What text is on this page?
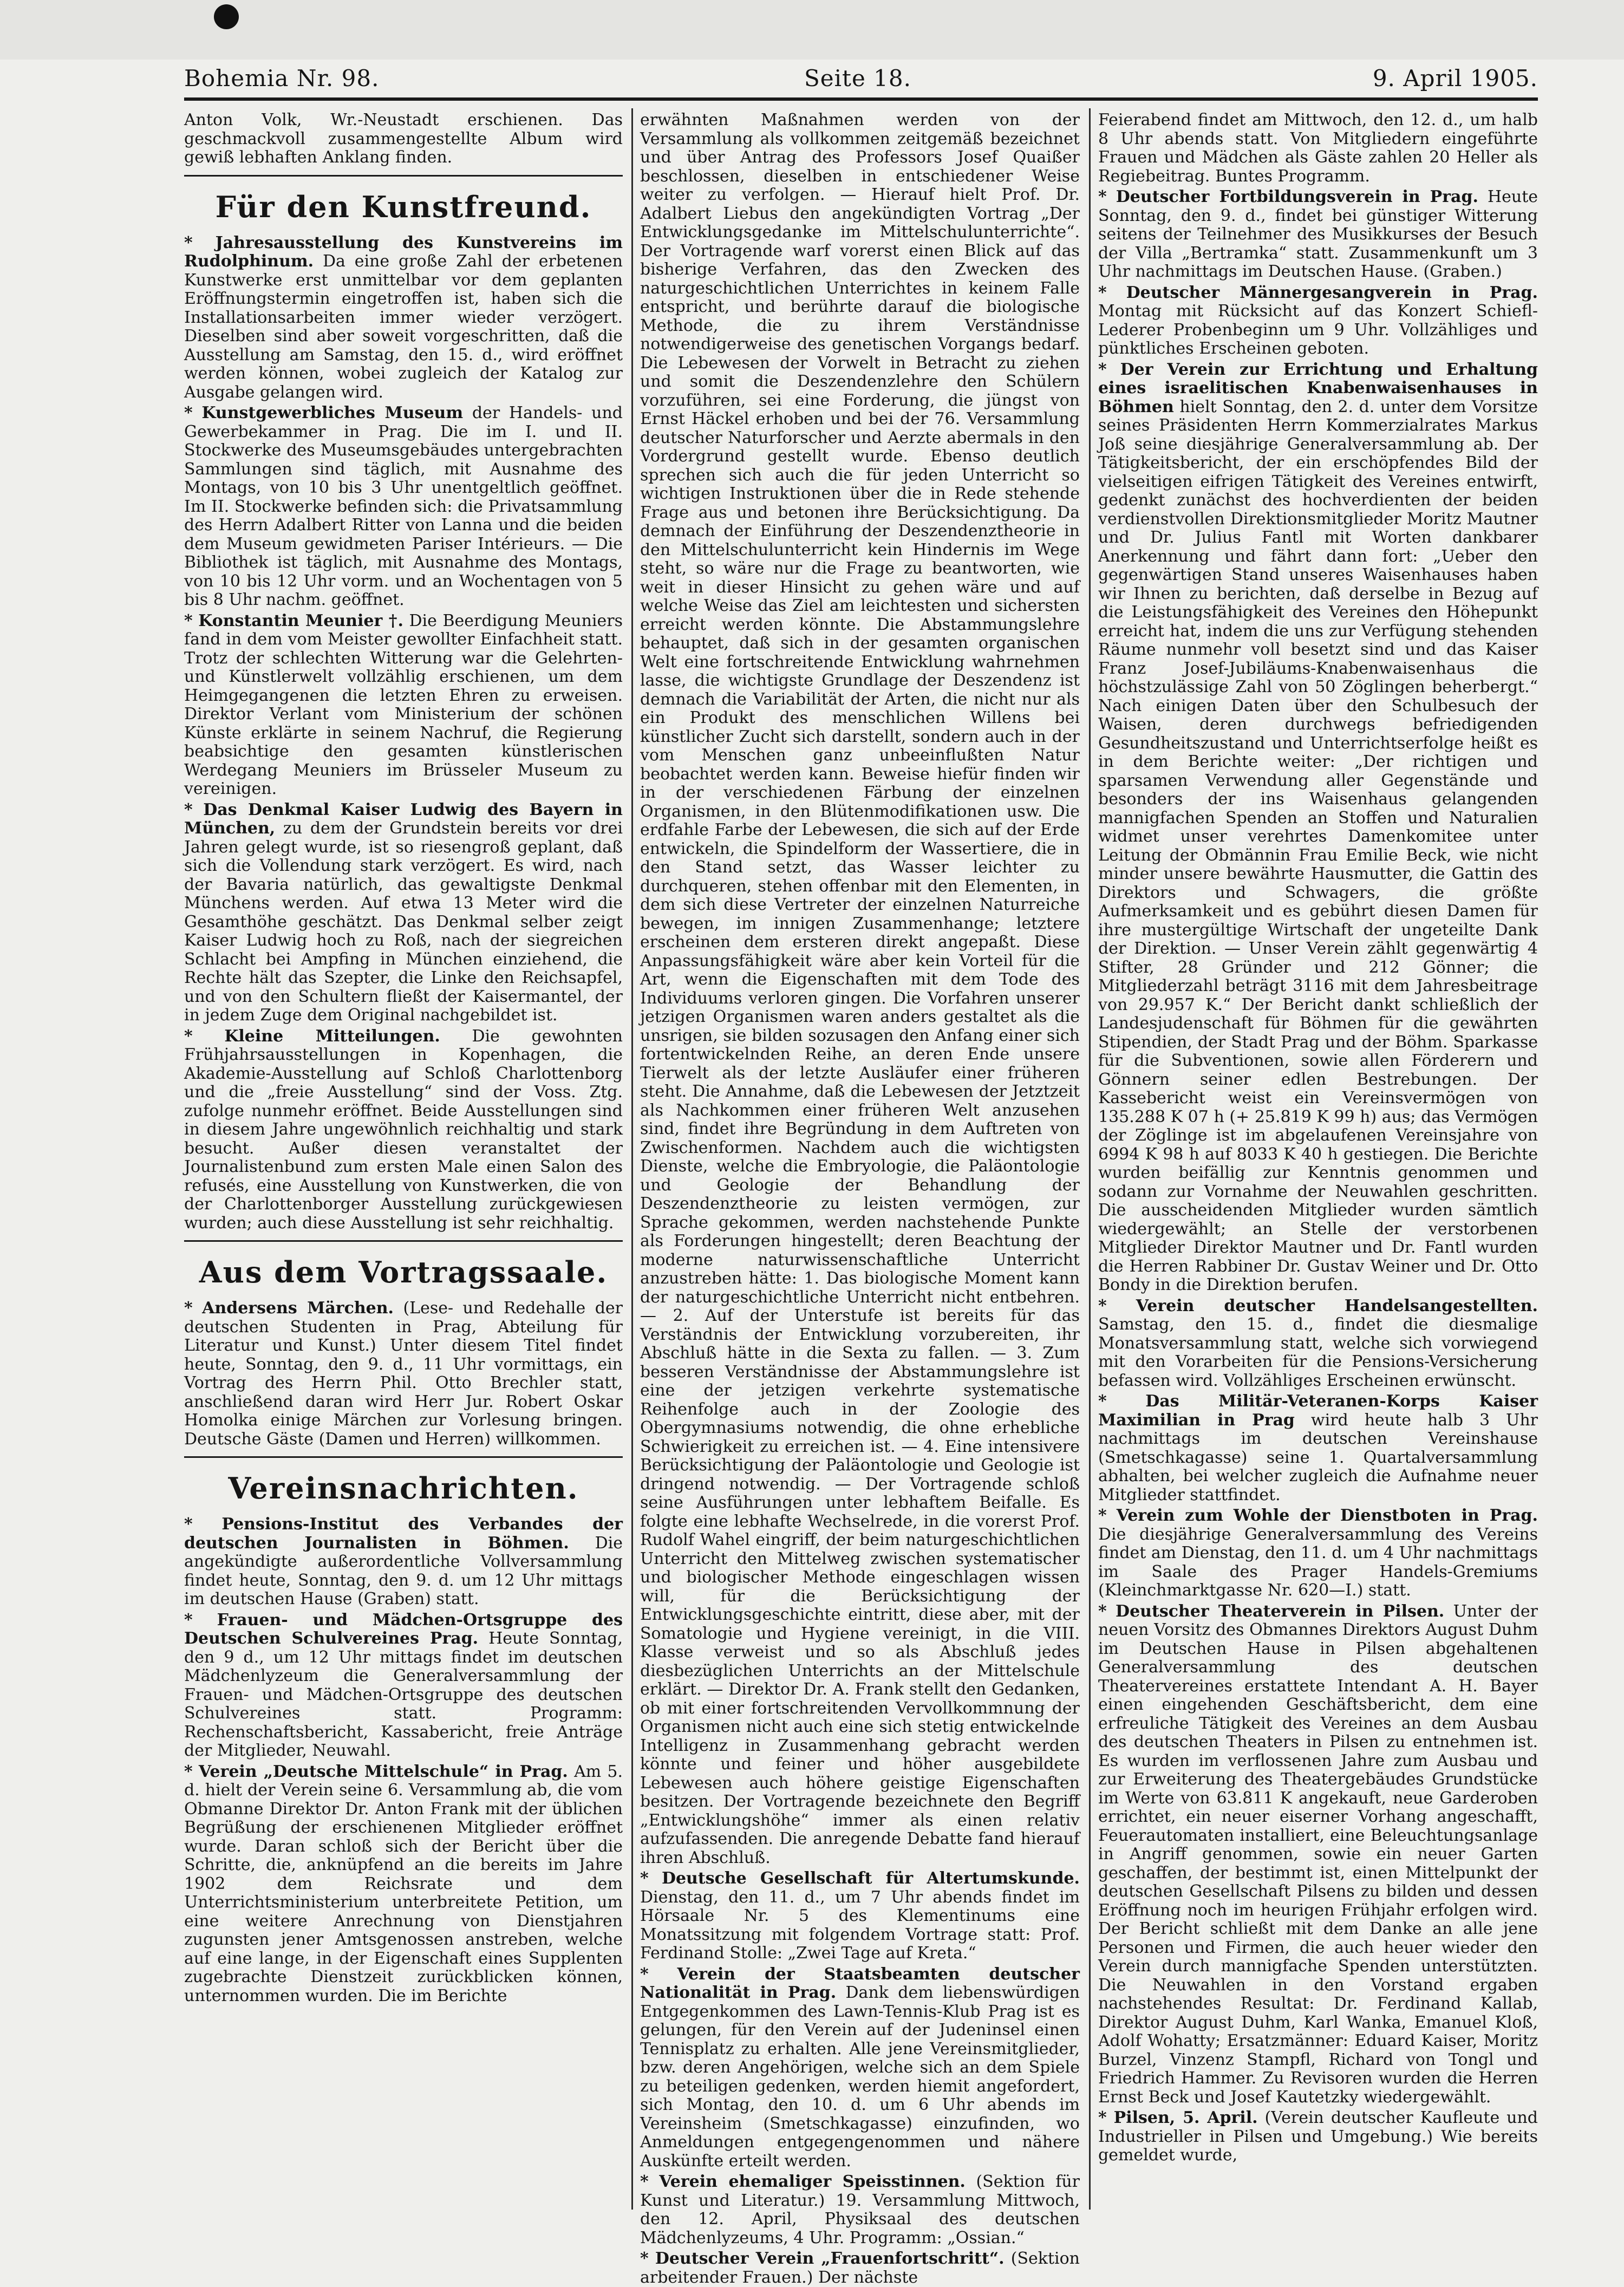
Bohemia Nr. 98.	Seite 18.	9. April 1905.

Anton Volk, Wr.-Neustadt erschienen. Das geschmackvoll zusammengestellte Album wird gewiß lebhaften Anklang finden.

Für den Kunstfreund.

* Jahresausstellung des Kunstvereins im Rudolphinum. Da eine große Zahl der erbetenen Kunstwerke erst unmittelbar vor dem geplanten Eröffnungstermin eingetroffen ist, haben sich die Installationsarbeiten immer wieder verzögert. Dieselben sind aber soweit vorgeschritten, daß die Ausstellung am Samstag, den 15. d., wird eröffnet werden können, wobei zugleich der Katalog zur Ausgabe gelangen wird.

* Kunstgewerbliches Museum der Handels- und Gewerbekammer in Prag. Die im I. und II. Stockwerke des Museumsgebäudes untergebrachten Sammlungen sind täglich, mit Ausnahme des Montags, von 10 bis 3 Uhr unentgeltlich geöffnet. Im II. Stockwerke befinden sich: die Privatsammlung des Herrn Adalbert Ritter von Lanna und die beiden dem Museum gewidmeten Pariser Intérieurs. — Die Bibliothek ist täglich, mit Ausnahme des Montags, von 10 bis 12 Uhr vorm. und an Wochentagen von 5 bis 8 Uhr nachm. geöffnet.

* Konstantin Meunier †. Die Beerdigung Meuniers fand in dem vom Meister gewollter Einfachheit statt. Trotz der schlechten Witterung war die Gelehrten- und Künstlerwelt vollzählig erschienen, um dem Heimgegangenen die letzten Ehren zu erweisen. Direktor Verlant vom Ministerium der schönen Künste erklärte in seinem Nachruf, die Regierung beabsichtige den gesamten künstlerischen Werdegang Meuniers im Brüsseler Museum zu vereinigen.

* Das Denkmal Kaiser Ludwig des Bayern in München, zu dem der Grundstein bereits vor drei Jahren gelegt wurde, ist so riesengroß geplant, daß sich die Vollendung stark verzögert. Es wird, nach der Bavaria natürlich, das gewaltigste Denkmal Münchens werden. Auf etwa 13 Meter wird die Gesamthöhe geschätzt. Das Denkmal selber zeigt Kaiser Ludwig hoch zu Roß, nach der siegreichen Schlacht bei Ampfing in München einziehend, die Rechte hält das Szepter, die Linke den Reichsapfel, und von den Schultern fließt der Kaisermantel, der in jedem Zuge dem Original nachgebildet ist.

* Kleine Mitteilungen. Die gewohnten Frühjahrsausstellungen in Kopenhagen, die Akademie-Ausstellung auf Schloß Charlottenborg und die „freie Ausstellung“ sind der Voss. Ztg. zufolge nunmehr eröffnet. Beide Ausstellungen sind in diesem Jahre ungewöhnlich reichhaltig und stark besucht. Außer diesen veranstaltet der Journalistenbund zum ersten Male einen Salon des refusés, eine Ausstellung von Kunstwerken, die von der Charlottenborger Ausstellung zurückgewiesen wurden; auch diese Ausstellung ist sehr reichhaltig.

Aus dem Vortragssaale.

* Andersens Märchen. (Lese- und Redehalle der deutschen Studenten in Prag, Abteilung für Literatur und Kunst.) Unter diesem Titel findet heute, Sonntag, den 9. d., 11 Uhr vormittags, ein Vortrag des Herrn Phil. Otto Brechler statt, anschließend daran wird Herr Jur. Robert Oskar Homolka einige Märchen zur Vorlesung bringen. Deutsche Gäste (Damen und Herren) willkommen.

Vereinsnachrichten.

* Pensions-Institut des Verbandes der deutschen Journalisten in Böhmen. Die angekündigte außerordentliche Vollversammlung findet heute, Sonntag, den 9. d. um 12 Uhr mittags im deutschen Hause (Graben) statt.

* Frauen- und Mädchen-Ortsgruppe des Deutschen Schulvereines Prag. Heute Sonntag, den 9 d., um 12 Uhr mittags findet im deutschen Mädchenlyzeum die Generalversammlung der Frauen- und Mädchen-Ortsgruppe des deutschen Schulvereines statt. Programm: Rechenschaftsbericht, Kassabericht, freie Anträge der Mitglieder, Neuwahl.

* Verein „Deutsche Mittelschule“ in Prag. Am 5. d. hielt der Verein seine 6. Versammlung ab, die vom Obmanne Direktor Dr. Anton Frank mit der üblichen Begrüßung der erschienenen Mitglieder eröffnet wurde. Daran schloß sich der Bericht über die Schritte, die, anknüpfend an die bereits im Jahre 1902 dem Reichsrate und dem Unterrichtsministerium unterbreitete Petition, um eine weitere Anrechnung von Dienstjahren zugunsten jener Amtsgenossen anstreben, welche auf eine lange, in der Eigenschaft eines Supplenten zugebrachte Dienstzeit zurückblicken können, unternommen wurden. Die im Berichte

erwähnten Maßnahmen werden von der Versammlung als vollkommen zeitgemäß bezeichnet und über Antrag des Professors Josef Quaißer beschlossen, dieselben in entschiedener Weise weiter zu verfolgen. — Hierauf hielt Prof. Dr. Adalbert Liebus den angekündigten Vortrag „Der Entwicklungsgedanke im Mittelschulunterrichte“. Der Vortragende warf vorerst einen Blick auf das bisherige Verfahren, das den Zwecken des naturgeschichtlichen Unterrichtes in keinem Falle entspricht, und berührte darauf die biologische Methode, die zu ihrem Verständnisse notwendigerweise des genetischen Vorgangs bedarf. Die Lebewesen der Vorwelt in Betracht zu ziehen und somit die Deszendenzlehre den Schülern vorzuführen, sei eine Forderung, die jüngst von Ernst Häckel erhoben und bei der 76. Versammlung deutscher Naturforscher und Aerzte abermals in den Vordergrund gestellt wurde. Ebenso deutlich sprechen sich auch die für jeden Unterricht so wichtigen Instruktionen über die in Rede stehende Frage aus und betonen ihre Berücksichtigung. Da demnach der Einführung der Deszendenztheorie in den Mittelschulunterricht kein Hindernis im Wege steht, so wäre nur die Frage zu beantworten, wie weit in dieser Hinsicht zu gehen wäre und auf welche Weise das Ziel am leichtesten und sichersten erreicht werden könnte. Die Abstammungslehre behauptet, daß sich in der gesamten organischen Welt eine fortschreitende Entwicklung wahrnehmen lasse, die wichtigste Grundlage der Deszendenz ist demnach die Variabilität der Arten, die nicht nur als ein Produkt des menschlichen Willens bei künstlicher Zucht sich darstellt, sondern auch in der vom Menschen ganz unbeeinflußten Natur beobachtet werden kann. Beweise hiefür finden wir in der verschiedenen Färbung der einzelnen Organismen, in den Blütenmodifikationen usw. Die erdfahle Farbe der Lebewesen, die sich auf der Erde entwickeln, die Spindelform der Wassertiere, die in den Stand setzt, das Wasser leichter zu durchqueren, stehen offenbar mit den Elementen, in dem sich diese Vertreter der einzelnen Naturreiche bewegen, im innigen Zusammenhange; letztere erscheinen dem ersteren direkt angepaßt. Diese Anpassungsfähigkeit wäre aber kein Vorteil für die Art, wenn die Eigenschaften mit dem Tode des Individuums verloren gingen. Die Vorfahren unserer jetzigen Organismen waren anders gestaltet als die unsrigen, sie bilden sozusagen den Anfang einer sich fortentwickelnden Reihe, an deren Ende unsere Tierwelt als der letzte Ausläufer einer früheren steht. Die Annahme, daß die Lebewesen der Jetztzeit als Nachkommen einer früheren Welt anzusehen sind, findet ihre Begründung in dem Auftreten von Zwischenformen. Nachdem auch die wichtigsten Dienste, welche die Embryologie, die Paläontologie und Geologie der Behandlung der Deszendenztheorie zu leisten vermögen, zur Sprache gekommen, werden nachstehende Punkte als Forderungen hingestellt; deren Beachtung der moderne naturwissenschaftliche Unterricht anzustreben hätte: 1. Das biologische Moment kann der naturgeschichtliche Unterricht nicht entbehren. — 2. Auf der Unterstufe ist bereits für das Verständnis der Entwicklung vorzubereiten, ihr Abschluß hätte in die Sexta zu fallen. — 3. Zum besseren Verständnisse der Abstammungslehre ist eine der jetzigen verkehrte systematische Reihenfolge auch in der Zoologie des Obergymnasiums notwendig, die ohne erhebliche Schwierigkeit zu erreichen ist. — 4. Eine intensivere Berücksichtigung der Paläontologie und Geologie ist dringend notwendig. — Der Vortragende schloß seine Ausführungen unter lebhaftem Beifalle. Es folgte eine lebhafte Wechselrede, in die vorerst Prof. Rudolf Wahel eingriff, der beim naturgeschichtlichen Unterricht den Mittelweg zwischen systematischer und biologischer Methode eingeschlagen wissen will, für die Berücksichtigung der Entwicklungsgeschichte eintritt, diese aber, mit der Somatologie und Hygiene vereinigt, in die VIII. Klasse verweist und so als Abschluß jedes diesbezüglichen Unterrichts an der Mittelschule erklärt. — Direktor Dr. A. Frank stellt den Gedanken, ob mit einer fortschreitenden Vervollkommnung der Organismen nicht auch eine sich stetig entwickelnde Intelligenz in Zusammenhang gebracht werden könnte und feiner und höher ausgebildete Lebewesen auch höhere geistige Eigenschaften besitzen. Der Vortragende bezeichnete den Begriff „Entwicklungshöhe“ immer als einen relativ aufzufassenden. Die anregende Debatte fand hierauf ihren Abschluß.

* Deutsche Gesellschaft für Altertumskunde. Dienstag, den 11. d., um 7 Uhr abends findet im Hörsaale Nr. 5 des Klementinums eine Monatssitzung mit folgendem Vortrage statt: Prof. Ferdinand Stolle: „Zwei Tage auf Kreta.“

* Verein der Staatsbeamten deutscher Nationalität in Prag. Dank dem liebenswürdigen Entgegenkommen des Lawn-Tennis-Klub Prag ist es gelungen, für den Verein auf der Judeninsel einen Tennisplatz zu erhalten. Alle jene Vereinsmitglieder, bzw. deren Angehörigen, welche sich an dem Spiele zu beteiligen gedenken, werden hiemit angefordert, sich Montag, den 10. d. um 6 Uhr abends im Vereinsheim (Smetschkagasse) einzufinden, wo Anmeldungen entgegengenommen und nähere Auskünfte erteilt werden.

* Verein ehemaliger Speisstinnen. (Sektion für Kunst und Literatur.) 19. Versammlung Mittwoch, den 12. April, Physiksaal des deutschen Mädchenlyzeums, 4 Uhr. Programm: „Ossian.“

* Deutscher Verein „Frauenfortschritt“. (Sektion arbeitender Frauen.) Der nächste

Feierabend findet am Mittwoch, den 12. d., um halb 8 Uhr abends statt. Von Mitgliedern eingeführte Frauen und Mädchen als Gäste zahlen 20 Heller als Regiebeitrag. Buntes Programm.

* Deutscher Fortbildungsverein in Prag. Heute Sonntag, den 9. d., findet bei günstiger Witterung seitens der Teilnehmer des Musikkurses der Besuch der Villa „Bertramka“ statt. Zusammenkunft um 3 Uhr nachmittags im Deutschen Hause. (Graben.)

* Deutscher Männergesangverein in Prag. Montag mit Rücksicht auf das Konzert Schiefl-Lederer Probenbeginn um 9 Uhr. Vollzähliges und pünktliches Erscheinen geboten.

* Der Verein zur Errichtung und Erhaltung eines israelitischen Knabenwaisenhauses in Böhmen hielt Sonntag, den 2. d. unter dem Vorsitze seines Präsidenten Herrn Kommerzialrates Markus Joß seine diesjährige Generalversammlung ab. Der Tätigkeitsbericht, der ein erschöpfendes Bild der vielseitigen eifrigen Tätigkeit des Vereines entwirft, gedenkt zunächst des hochverdienten der beiden verdienstvollen Direktionsmitglieder Moritz Mautner und Dr. Julius Fantl mit Worten dankbarer Anerkennung und fährt dann fort: „Ueber den gegenwärtigen Stand unseres Waisenhauses haben wir Ihnen zu berichten, daß derselbe in Bezug auf die Leistungsfähigkeit des Vereines den Höhepunkt erreicht hat, indem die uns zur Verfügung stehenden Räume nunmehr voll besetzt sind und das Kaiser Franz Josef-Jubiläums-Knabenwaisenhaus die höchstzulässige Zahl von 50 Zöglingen beherbergt.“ Nach einigen Daten über den Schulbesuch der Waisen, deren durchwegs befriedigenden Gesundheitszustand und Unterrichtserfolge heißt es in dem Berichte weiter: „Der richtigen und sparsamen Verwendung aller Gegenstände und besonders der ins Waisenhaus gelangenden mannigfachen Spenden an Stoffen und Naturalien widmet unser verehrtes Damenkomitee unter Leitung der Obmännin Frau Emilie Beck, wie nicht minder unsere bewährte Hausmutter, die Gattin des Direktors und Schwagers, die größte Aufmerksamkeit und es gebührt diesen Damen für ihre mustergültige Wirtschaft der ungeteilte Dank der Direktion. — Unser Verein zählt gegenwärtig 4 Stifter, 28 Gründer und 212 Gönner; die Mitgliederzahl beträgt 3116 mit dem Jahresbeitrage von 29.957 K.“ Der Bericht dankt schließlich der Landesjudenschaft für Böhmen für die gewährten Stipendien, der Stadt Prag und der Böhm. Sparkasse für die Subventionen, sowie allen Förderern und Gönnern seiner edlen Bestrebungen. Der Kassebericht weist ein Vereinsvermögen von 135.288 K 07 h (+ 25.819 K 99 h) aus; das Vermögen der Zöglinge ist im abgelaufenen Vereinsjahre von 6994 K 98 h auf 8033 K 40 h gestiegen. Die Berichte wurden beifällig zur Kenntnis genommen und sodann zur Vornahme der Neuwahlen geschritten. Die ausscheidenden Mitglieder wurden sämtlich wiedergewählt; an Stelle der verstorbenen Mitglieder Direktor Mautner und Dr. Fantl wurden die Herren Rabbiner Dr. Gustav Weiner und Dr. Otto Bondy in die Direktion berufen.

* Verein deutscher Handelsangestellten. Samstag, den 15. d., findet die diesmalige Monatsversammlung statt, welche sich vorwiegend mit den Vorarbeiten für die Pensions-Versicherung befassen wird. Vollzähliges Erscheinen erwünscht.

* Das Militär-Veteranen-Korps Kaiser Maximilian in Prag wird heute halb 3 Uhr nachmittags im deutschen Vereinshause (Smetschkagasse) seine 1. Quartalversammlung abhalten, bei welcher zugleich die Aufnahme neuer Mitglieder stattfindet.

* Verein zum Wohle der Dienstboten in Prag. Die diesjährige Generalversammlung des Vereins findet am Dienstag, den 11. d. um 4 Uhr nachmittags im Saale des Prager Handels-Gremiums (Kleinchmarktgasse Nr. 620—I.) statt.

* Deutscher Theaterverein in Pilsen. Unter der neuen Vorsitz des Obmannes Direktors August Duhm im Deutschen Hause in Pilsen abgehaltenen Generalversammlung des deutschen Theatervereines erstattete Intendant A. H. Bayer einen eingehenden Geschäftsbericht, dem eine erfreuliche Tätigkeit des Vereines an dem Ausbau des deutschen Theaters in Pilsen zu entnehmen ist. Es wurden im verflossenen Jahre zum Ausbau und zur Erweiterung des Theatergebäudes Grundstücke im Werte von 63.811 K angekauft, neue Garderoben errichtet, ein neuer eiserner Vorhang angeschafft, Feuerautomaten installiert, eine Beleuchtungsanlage in Angriff genommen, sowie ein neuer Garten geschaffen, der bestimmt ist, einen Mittelpunkt der deutschen Gesellschaft Pilsens zu bilden und dessen Eröffnung noch im heurigen Frühjahr erfolgen wird. Der Bericht schließt mit dem Danke an alle jene Personen und Firmen, die auch heuer wieder den Verein durch mannigfache Spenden unterstützten. Die Neuwahlen in den Vorstand ergaben nachstehendes Resultat: Dr. Ferdinand Kallab, Direktor August Duhm, Karl Wanka, Emanuel Kloß, Adolf Wohatty; Ersatzmänner: Eduard Kaiser, Moritz Burzel, Vinzenz Stampfl, Richard von Tongl und Friedrich Hammer. Zu Revisoren wurden die Herren Ernst Beck und Josef Kautetzky wiedergewählt.

* Pilsen, 5. April. (Verein deutscher Kaufleute und Industrieller in Pilsen und Umgebung.) Wie bereits gemeldet wurde,
